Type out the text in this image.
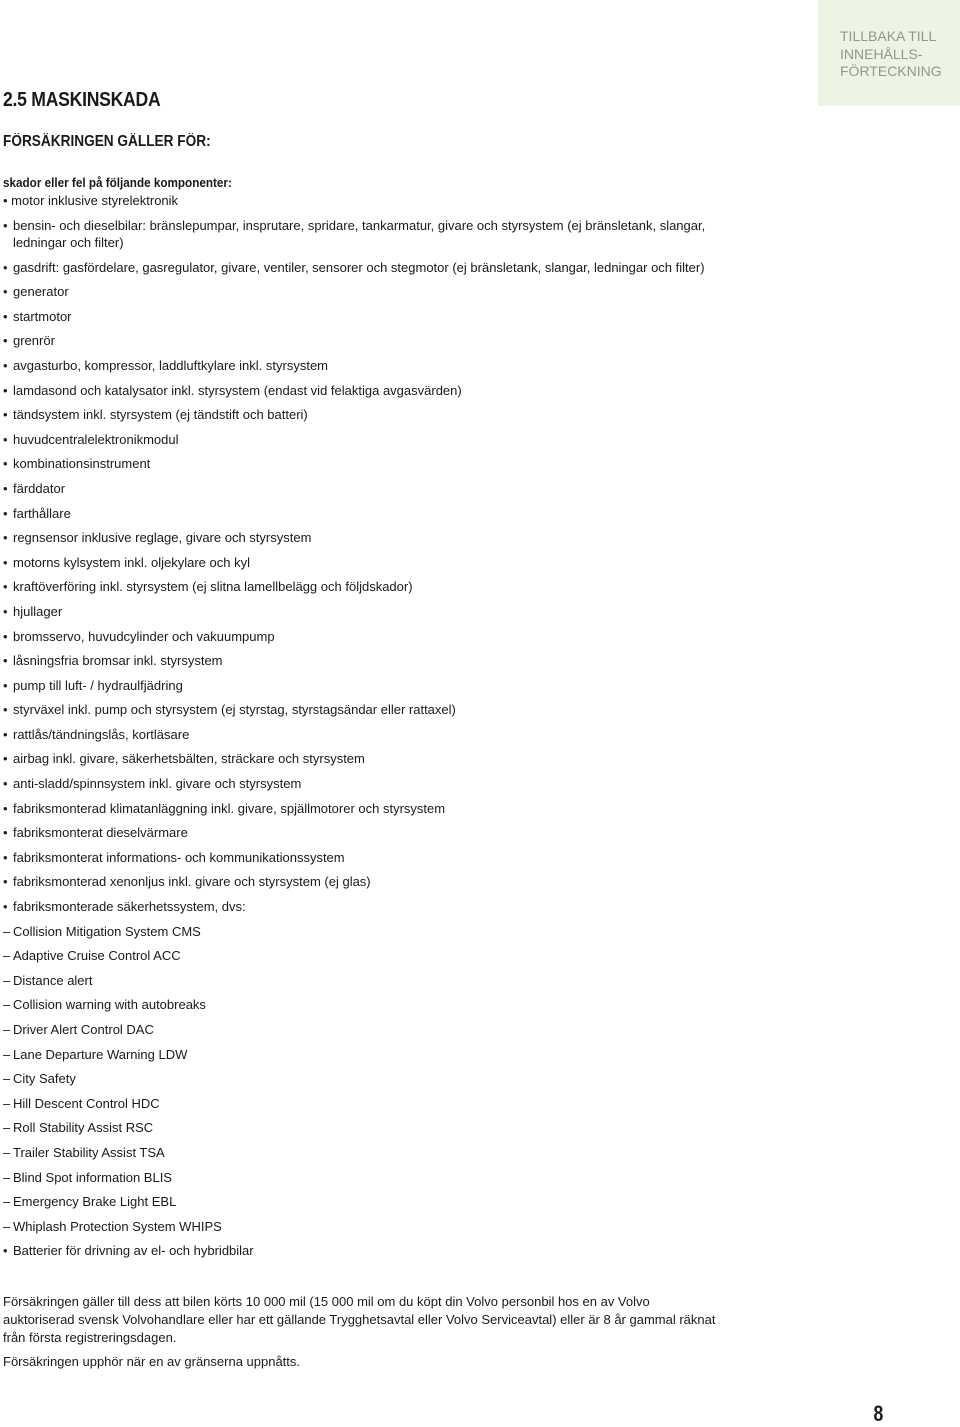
TILLBAKA TILL
INNEHÅLLS-
FÖRTECKNING
2.5 MASKINSKADA
FÖRSÄKRINGEN GÄLLER FÖR:
skador eller fel på följande komponenter:
• motor inklusive styrelektronik
• bensin- och dieselbilar: bränslepumpar, insprutare, spridare, tankarmatur, givare och styrsystem (ej bränsletank, slangar, ledningar och filter)
• gasdrift: gasfördelare, gasregulator, givare, ventiler, sensorer och stegmotor (ej bränsletank, slangar, ledningar och filter)
• generator
• startmotor
• grenrör
• avgasturbo, kompressor, laddluftkylare inkl. styrsystem
• lamdasond och katalysator inkl. styrsystem (endast vid felaktiga avgasvärden)
• tändsystem inkl. styrsystem (ej tändstift och batteri)
• huvudcentralelektronikmodul
• kombinationsinstrument
• färddator
• farthållare
• regnsensor inklusive reglage, givare och styrsystem
• motorns kylsystem inkl. oljekylare och kyl
• kraftöverföring inkl. styrsystem (ej slitna lamellbelägg och följdskador)
• hjullager
• bromsservo, huvudcylinder och vakuumpump
• låsningsfria bromsar inkl. styrsystem
• pump till luft- / hydraulfjädring
• styrväxel inkl. pump och styrsystem (ej styrstag, styrstagsändar eller rattaxel)
• rattlås/tändningslås, kortläsare
• airbag inkl. givare, säkerhetsbälten, sträckare och styrsystem
• anti-sladd/spinnsystem inkl. givare och styrsystem
• fabriksmonterad klimatanläggning inkl. givare, spjällmotorer och styrsystem
• fabriksmonterat dieselvärmare
• fabriksmonterat informations- och kommunikationssystem
• fabriksmonterad xenonljus inkl. givare och styrsystem (ej glas)
• fabriksmonterade säkerhetssystem, dvs:
– Collision Mitigation System CMS
– Adaptive Cruise Control ACC
– Distance alert
– Collision warning with autobreaks
– Driver Alert Control DAC
– Lane Departure Warning LDW
– City Safety
– Hill Descent Control HDC
– Roll Stability Assist RSC
– Trailer Stability Assist TSA
– Blind Spot information BLIS
– Emergency Brake Light EBL
– Whiplash Protection System WHIPS
• Batterier för drivning av el- och hybridbilar

Försäkringen gäller till dess att bilen körts 10 000 mil (15 000 mil om du köpt din Volvo personbil hos en av Volvo auktoriserad svensk Volvohandlare eller har ett gällande Trygghetsavtal eller Volvo Serviceavtal) eller är 8 år gammal räknat från första registreringsdagen.

Försäkringen upphör när en av gränserna uppnåtts.

8
